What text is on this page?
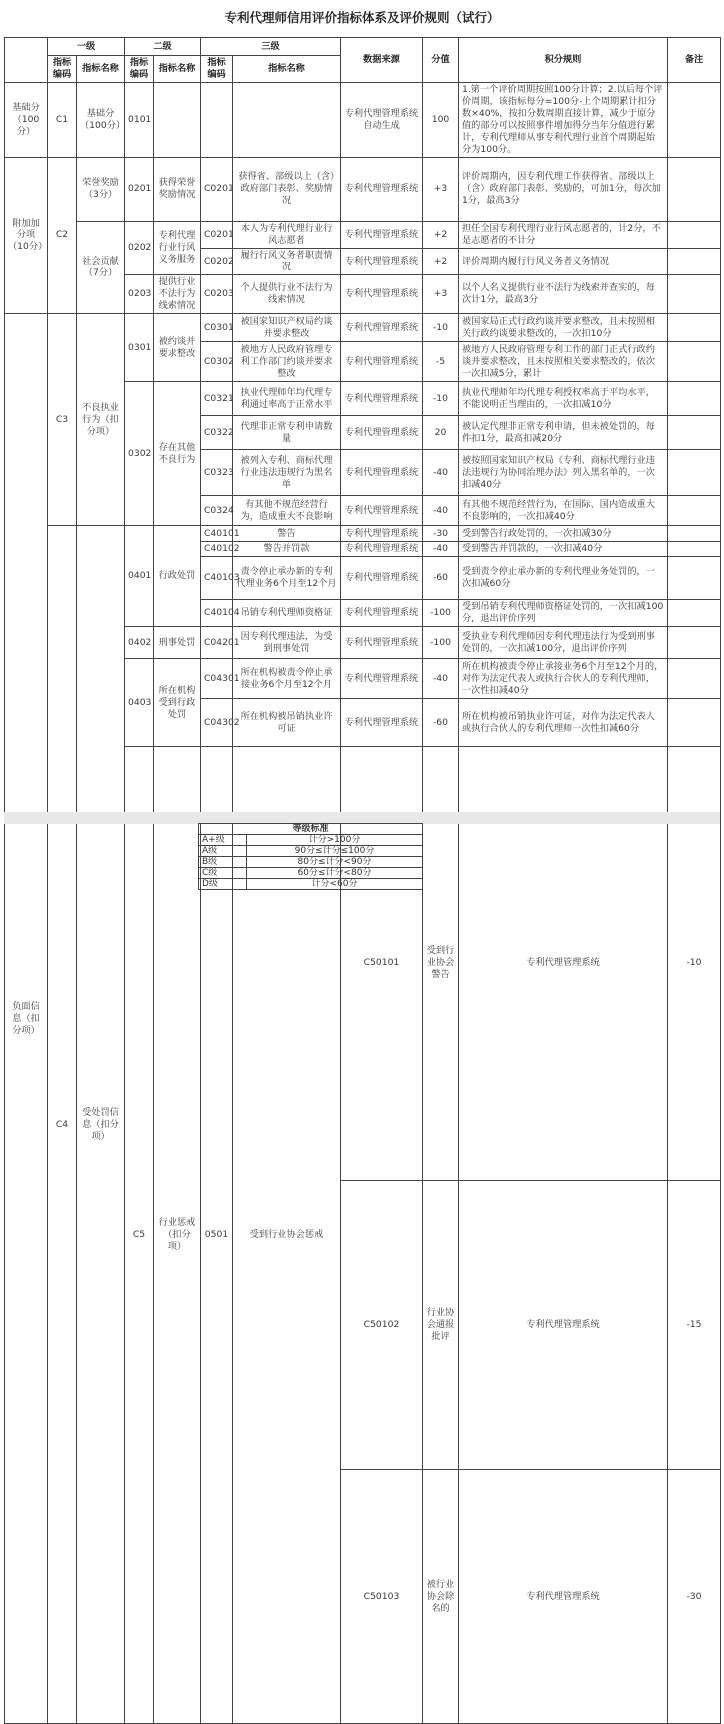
专利代理师信用评价指标体系及评价规则（试行）
	一级		二级		三级		数据来源	分值	积分规则	备注	
	指标编码	指标名称	指标编码	指标名称	指标编码	指标名称					
基础分（100分）	C1	基础分（100分）	0101				专利代理管理系统自动生成	100	1.第一个评价周期按照100分计算；2.以后每个评价周期，该指标每分=100分-上个周期累计扣分数×40%，按扣分数周期直接计算，减少于原分值的部分可以按照事件增加得分当年分值进行累计，专利代理师从事专利代理行业首个周期起始分为100分。		
附加加分项（10分）	C2	荣誉奖励（3分）	0201	获得荣誉奖励情况	C0201	获得省、部级以上（含）政府部门表彰、奖励情况	专利代理管理系统	+3	评价周期内，因专利代理工作获得省、部级以上（含）政府部门表彰、奖励的，可加1分，每次加1分，最高3分		
		社会贡献（7分）	0202	专利代理行业行风义务服务	C0201	本人为专利代理行业行风志愿者	专利代理管理系统	+2	担任全国专利代理行业行风志愿者的，计2分，不是志愿者的不计分		
					C0202	履行行风义务者职责情况	专利代理管理系统	+2	评价周期内履行行风义务者义务情况		
			0203	提供行业不法行为线索情况	C0203	个人提供行业不法行为线索情况	专利代理管理系统	+3	以个人名义提供行业不法行为线索并查实的，每次计1分，最高3分		
负面信息（扣分项）	C3	不良执业行为（扣分项）	0301	被约谈并要求整改	C0301	被国家知识产权局约谈并要求整改	专利代理管理系统	-10	被国家局正式行政约谈并要求整改，且未按照相关行政约谈要求整改的，一次扣10分		
					C0302	被地方人民政府管理专利工作部门约谈并要求整改	专利代理管理系统	-5	被地方人民政府管理专利工作的部门正式行政约谈并要求整改，且未按照相关要求整改的，依次一次扣减5分，累计		
			0302	存在其他不良行为	C0321	执业代理师年均代理专利通过率高于正常水平	专利代理管理系统	-10	执业代理师年均代理专利授权率高于平均水平，不能说明正当理由的，一次扣减10分		
					C0322	代理非正常专利申请数量	专利代理管理系统	20	被认定代理非正常专利申请，但未被处罚的，每件扣1分，最高扣减20分		
					C0323	被列入专利、商标代理行业违法违规行为黑名单	专利代理管理系统	-40	被按照国家知识产权局《专利、商标代理行业违法违规行为协同治理办法》列入黑名单的，一次扣减40分		
					C0324	有其他不规范经营行为，造成重大不良影响	专利代理管理系统	-40	有其他不规范经营行为，在国际、国内造成重大不良影响的，一次扣减40分		
	C4	受处罚信息（扣分项）	0401	行政处罚	C40101	警告	专利代理管理系统	-30	受到警告行政处罚的，一次扣减30分		
					C40102	警告并罚款	专利代理管理系统	-40	受到警告并罚款的，一次扣减40分		
					C40103	责令停止承办新的专利代理业务6个月至12个月	专利代理管理系统	-60	受到责令停止承办新的专利代理业务处罚的，一次扣减60分		
					C40104	吊销专利代理师资格证	专利代理管理系统	-100	受到吊销专利代理师资格证处罚的，一次扣减100分，退出评价序列		
			0402	刑事处罚	C04201	因专利代理违法，为受到刑事处罚	专利代理管理系统	-100	受执业专利代理师因专利代理违法行为受到刑事处罚的，一次扣减100分，退出评价序列		
			0403	所在机构受到行政处罚	C04301	所在机构被责令停止承接业务6个月至12个月	专利代理管理系统	-40	所在机构被责令停止承接业务6个月至12个月的，对作为法定代表人或执行合伙人的专利代理师，一次性扣减40分		
					C04302	所在机构被吊销执业许可证	专利代理管理系统	-60	所在机构被吊销执业许可证，对作为法定代表人或执行合伙人的专利代理师一次性扣减60分		
			C5	行业惩戒（扣分项）	0501	受到行业协会惩戒	C50101	受到行业协会警告	专利代理管理系统	-10		
							C50102	行业协会通报批评	专利代理管理系统	-15		
							C50103	被行业协会除名的	专利代理管理系统	-30		
等级标准	
A+级	计分>100分
A级	90分≤计分≤100分
B级	80分≤计分<90分
C级	60分≤计分<80分
D级	计分<60分
